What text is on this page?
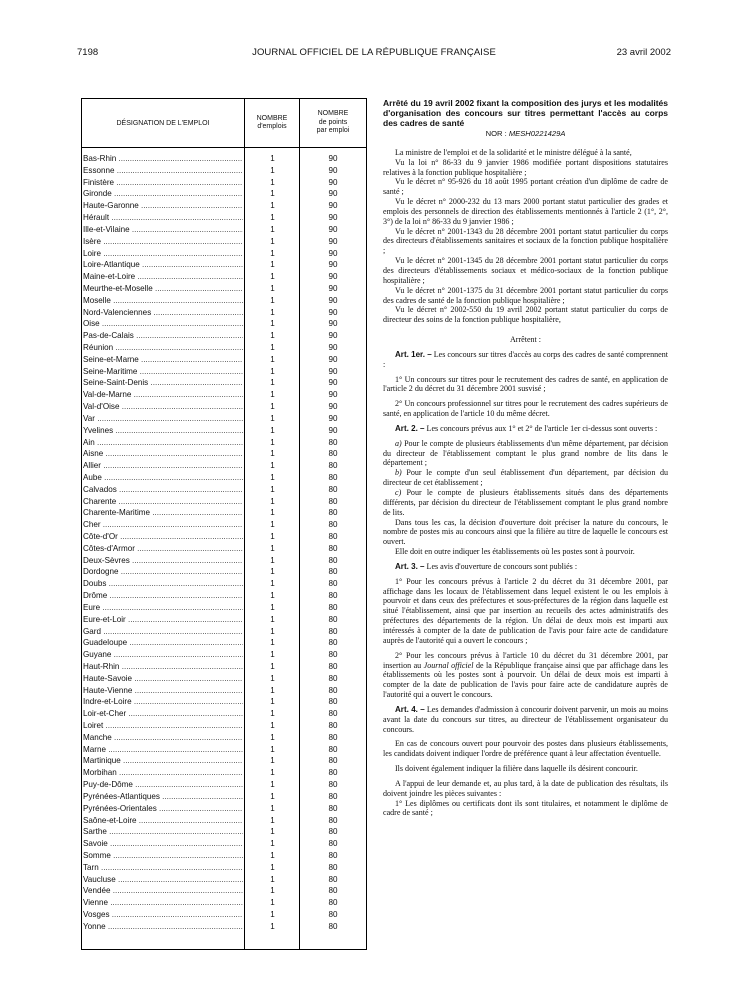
7198	JOURNAL OFFICIEL DE LA RÉPUBLIQUE FRANÇAISE	23 avril 2002
DÉSIGNATION DE L'EMPLOI
NOMBRE
d'emplois
NOMBRE
de points
par emploi
Bas-Rhin .....	1	90
Essonne .....	1	90
Finistère .....	1	90
Gironde .....	1	90
Haute-Garonne .....	1	90
Hérault .....	1	90
Ille-et-Vilaine .....	1	90
Isère .....	1	90
Loire .....	1	90
Loire-Atlantique .....	1	90
Maine-et-Loire .....	1	90
Meurthe-et-Moselle .....	1	90
Moselle .....	1	90
Nord-Valenciennes .....	1	90
Oise .....	1	90
Pas-de-Calais .....	1	90
Réunion .....	1	90
Seine-et-Marne .....	1	90
Seine-Maritime .....	1	90
Seine-Saint-Denis .....	1	90
Val-de-Marne .....	1	90
Val-d'Oise .....	1	90
Var .....	1	90
Yvelines .....	1	90
Ain .....	1	80
Aisne .....	1	80
Allier .....	1	80
Aube .....	1	80
Calvados .....	1	80
Charente .....	1	80
Charente-Maritime .....	1	80
Cher .....	1	80
Côte-d'Or .....	1	80
Côtes-d'Armor .....	1	80
Deux-Sèvres .....	1	80
Dordogne .....	1	80
Doubs .....	1	80
Drôme .....	1	80
Eure .....	1	80
Eure-et-Loir .....	1	80
Gard .....	1	80
Guadeloupe .....	1	80
Guyane .....	1	80
Haut-Rhin .....	1	80
Haute-Savoie .....	1	80
Haute-Vienne .....	1	80
Indre-et-Loire .....	1	80
Loir-et-Cher .....	1	80
Loiret .....	1	80
Manche .....	1	80
Marne .....	1	80
Martinique .....	1	80
Morbihan .....	1	80
Puy-de-Dôme .....	1	80
Pyrénées-Atlantiques .....	1	80
Pyrénées-Orientales .....	1	80
Saône-et-Loire .....	1	80
Sarthe .....	1	80
Savoie .....	1	80
Somme .....	1	80
Tarn .....	1	80
Vaucluse .....	1	80
Vendée .....	1	80
Vienne .....	1	80
Vosges .....	1	80
Yonne .....	1	80

Arrêté du 19 avril 2002 fixant la composition des jurys et les modalités d'organisation des concours sur titres permettant l'accès au corps des cadres de santé

NOR : MESH0221429A

La ministre de l'emploi et de la solidarité et le ministre délégué à la santé,

Vu la loi n° 86-33 du 9 janvier 1986 modifiée portant dispositions statutaires relatives à la fonction publique hospitalière ;

Vu le décret n° 95-926 du 18 août 1995 portant création d'un diplôme de cadre de santé ;

Vu le décret n° 2000-232 du 13 mars 2000 portant statut particulier des grades et emplois des personnels de direction des établissements mentionnés à l'article 2 (1°, 2°, 3°) de la loi n° 86-33 du 9 janvier 1986 ;

Vu le décret n° 2001-1343 du 28 décembre 2001 portant statut particulier du corps des directeurs d'établissements sanitaires et sociaux de la fonction publique hospitalière ;

Vu le décret n° 2001-1345 du 28 décembre 2001 portant statut particulier du corps des directeurs d'établissements sociaux et médico-sociaux de la fonction publique hospitalière ;

Vu le décret n° 2001-1375 du 31 décembre 2001 portant statut particulier du corps des cadres de santé de la fonction publique hospitalière ;

Vu le décret n° 2002-550 du 19 avril 2002 portant statut particulier du corps de directeur des soins de la fonction publique hospitalière,

Arrêtent :

Art. 1er. – Les concours sur titres d'accès au corps des cadres de santé comprennent :

1° Un concours sur titres pour le recrutement des cadres de santé, en application de l'article 2 du décret du 31 décembre 2001 susvisé ;

2° Un concours professionnel sur titres pour le recrutement des cadres supérieurs de santé, en application de l'article 10 du même décret.

Art. 2. – Les concours prévus aux 1° et 2° de l'article 1er ci-dessus sont ouverts :

a) Pour le compte de plusieurs établissements d'un même département, par décision du directeur de l'établissement comptant le plus grand nombre de lits dans le département ;

b) Pour le compte d'un seul établissement d'un département, par décision du directeur de cet établissement ;

c) Pour le compte de plusieurs établissements situés dans des départements différents, par décision du directeur de l'établissement comptant le plus grand nombre de lits.

Dans tous les cas, la décision d'ouverture doit préciser la nature du concours, le nombre de postes mis au concours ainsi que la filière au titre de laquelle le concours est ouvert.

Elle doit en outre indiquer les établissements où les postes sont à pourvoir.

Art. 3. – Les avis d'ouverture de concours sont publiés :

1° Pour les concours prévus à l'article 2 du décret du 31 décembre 2001, par affichage dans les locaux de l'établissement dans lequel existent le ou les emplois à pourvoir et dans ceux des préfectures et sous-préfectures de la région dans laquelle est situé l'établissement, ainsi que par insertion au recueils des actes administratifs des préfectures des départements de la région. Un délai de deux mois est imparti aux intéressés à compter de la date de publication de l'avis pour faire acte de candidature auprès de l'autorité qui a ouvert le concours ;

2° Pour les concours prévus à l'article 10 du décret du 31 décembre 2001, par insertion au Journal officiel de la République française ainsi que par affichage dans les établissements où les postes sont à pourvoir. Un délai de deux mois est imparti à compter de la date de publication de l'avis pour faire acte de candidature auprès de l'autorité qui a ouvert le concours.

Art. 4. – Les demandes d'admission à concourir doivent parvenir, un mois au moins avant la date du concours sur titres, au directeur de l'établissement organisateur du concours.

En cas de concours ouvert pour pourvoir des postes dans plusieurs établissements, les candidats doivent indiquer l'ordre de préférence quant à leur affectation éventuelle.

Ils doivent également indiquer la filière dans laquelle ils désirent concourir.

A l'appui de leur demande et, au plus tard, à la date de publication des résultats, ils doivent joindre les pièces suivantes :

1° Les diplômes ou certificats dont ils sont titulaires, et notamment le diplôme de cadre de santé ;
